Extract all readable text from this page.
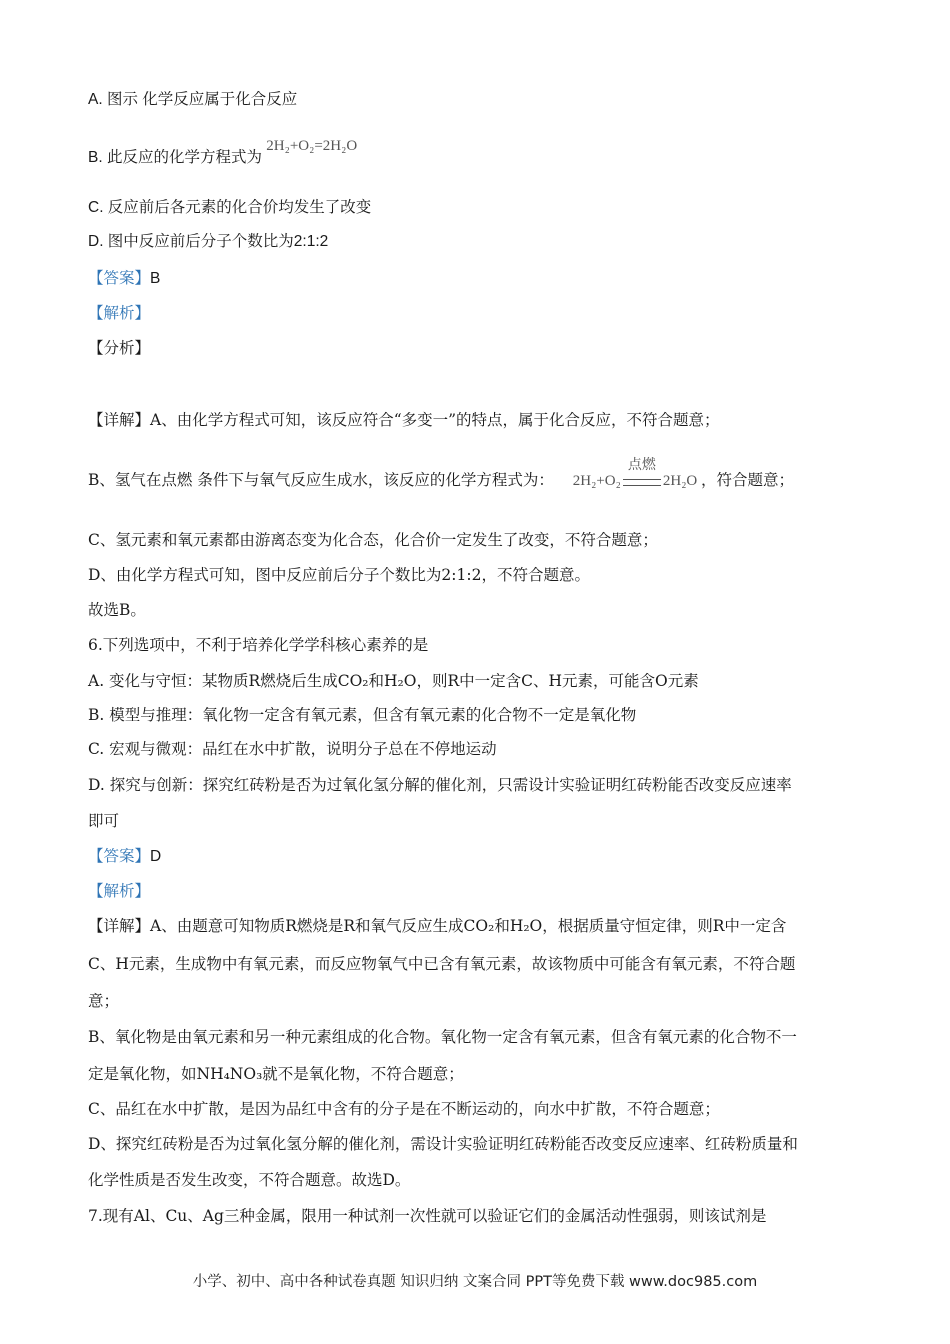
A. 图示 化学反应属于化合反应
B. 此反应的化学方程式为 2H₂+O₂=2H₂O
C. 反应前后各元素的化合价均发生了改变
D. 图中反应前后分子个数比为2:1:2
【答案】B
【解析】
【分析】
【详解】A、由化学方程式可知，该反应符合“多变一”的特点，属于化合反应，不符合题意；
B、氢气在点燃 条件下与氧气反应生成水，该反应的化学方程式为： 2H₂+O₂
点燃
2H₂O ，符合题意；
C、氢元素和氧元素都由游离态变为化合态，化合价一定发生了改变，不符合题意；
D、由化学方程式可知，图中反应前后分子个数比为2:1:2，不符合题意。
故选B。
6.下列选项中，不利于培养化学学科核心素养的是
A. 变化与守恒：某物质R燃烧后生成CO₂和H₂O，则R中一定含C、H元素，可能含O元素
B. 模型与推理：氧化物一定含有氧元素，但含有氧元素的化合物不一定是氧化物
C. 宏观与微观：品红在水中扩散，说明分子总在不停地运动
D. 探究与创新：探究红砖粉是否为过氧化氢分解的催化剂，只需设计实验证明红砖粉能否改变反应速率
即可
【答案】D
【解析】
【详解】A、由题意可知物质R燃烧是R和氧气反应生成CO₂和H₂O，根据质量守恒定律，则R中一定含
C、H元素，生成物中有氧元素，而反应物氧气中已含有氧元素，故该物质中可能含有氧元素，不符合题
意；
B、氧化物是由氧元素和另一种元素组成的化合物。氧化物一定含有氧元素，但含有氧元素的化合物不一
定是氧化物，如NH₄NO₃就不是氧化物，不符合题意；
C、品红在水中扩散，是因为品红中含有的分子是在不断运动的，向水中扩散，不符合题意；
D、探究红砖粉是否为过氧化氢分解的催化剂，需设计实验证明红砖粉能否改变反应速率、红砖粉质量和
化学性质是否发生改变，不符合题意。故选D。
7.现有Al、Cu、Ag三种金属，限用一种试剂一次性就可以验证它们的金属活动性强弱，则该试剂是
小学、初中、高中各种试卷真题 知识归纳 文案合同 PPT等免费下载 www.doc985.com
